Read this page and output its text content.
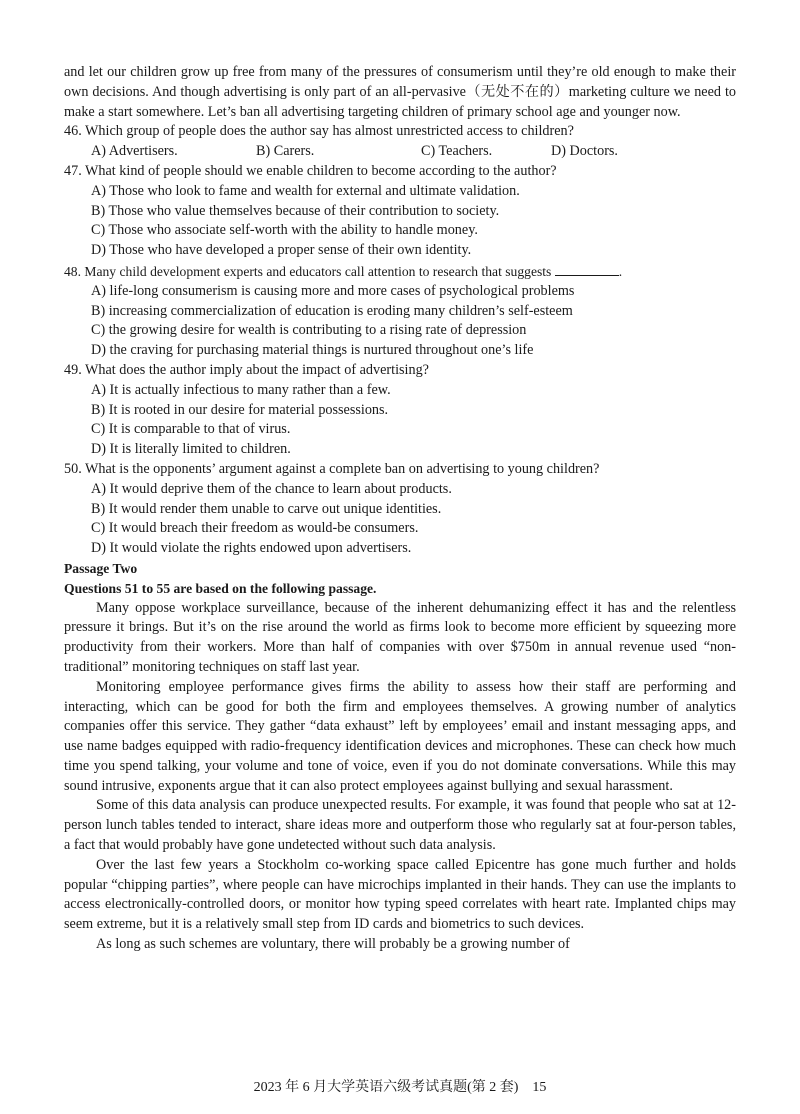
and let our children grow up free from many of the pressures of consumerism until they’re old enough to make their own decisions. And though advertising is only part of an all-pervasive（无处不在的）marketing culture we need to make a start somewhere. Let’s ban all advertising targeting children of primary school age and younger now.

46. Which group of people does the author say has almost unrestricted access to children?

A) Advertisers.	B) Carers.	C) Teachers.	D) Doctors.

47. What kind of people should we enable children to become according to the author?

A) Those who look to fame and wealth for external and ultimate validation.

B) Those who value themselves because of their contribution to society.

C) Those who associate self-worth with the ability to handle money.

D) Those who have developed a proper sense of their own identity.

48. Many child development experts and educators call attention to research that suggests	.

A) life-long consumerism is causing more and more cases of psychological problems

B) increasing commercialization of education is eroding many children’s self-esteem

C) the growing desire for wealth is contributing to a rising rate of depression

D) the craving for purchasing material things is nurtured throughout one’s life

49. What does the author imply about the impact of advertising?

A) It is actually infectious to many rather than a few.

B) It is rooted in our desire for material possessions.

C) It is comparable to that of virus.

D) It is literally limited to children.

50. What is the opponents’ argument against a complete ban on advertising to young children?

A) It would deprive them of the chance to learn about products.

B) It would render them unable to carve out unique identities.

C) It would breach their freedom as would-be consumers.

D) It would violate the rights endowed upon advertisers.

Passage Two

Questions 51 to 55 are based on the following passage.

Many oppose workplace surveillance, because of the inherent dehumanizing effect it has and the relentless pressure it brings. But it’s on the rise around the world as firms look to become more efficient by squeezing more productivity from their workers. More than half of companies with over $750m in annual revenue used “non-traditional” monitoring techniques on staff last year.

Monitoring employee performance gives firms the ability to assess how their staff are performing and interacting, which can be good for both the firm and employees themselves. A growing number of analytics companies offer this service. They gather “data exhaust” left by employees’ email and instant messaging apps, and use name badges equipped with radio-frequency identification devices and microphones. These can check how much time you spend talking, your volume and tone of voice, even if you do not dominate conversations. While this may sound intrusive, exponents argue that it can also protect employees against bullying and sexual harassment.

Some of this data analysis can produce unexpected results. For example, it was found that people who sat at 12-person lunch tables tended to interact, share ideas more and outperform those who regularly sat at four-person tables, a fact that would probably have gone undetected without such data analysis.

Over the last few years a Stockholm co-working space called Epicentre has gone much further and holds popular “chipping parties”, where people can have microchips implanted in their hands. They can use the implants to access electronically-controlled doors, or monitor how typing speed correlates with heart rate. Implanted chips may seem extreme, but it is a relatively small step from ID cards and biometrics to such devices.

As long as such schemes are voluntary, there will probably be a growing number of

2023 年 6 月大学英语六级考试真题(第 2 套)　15
